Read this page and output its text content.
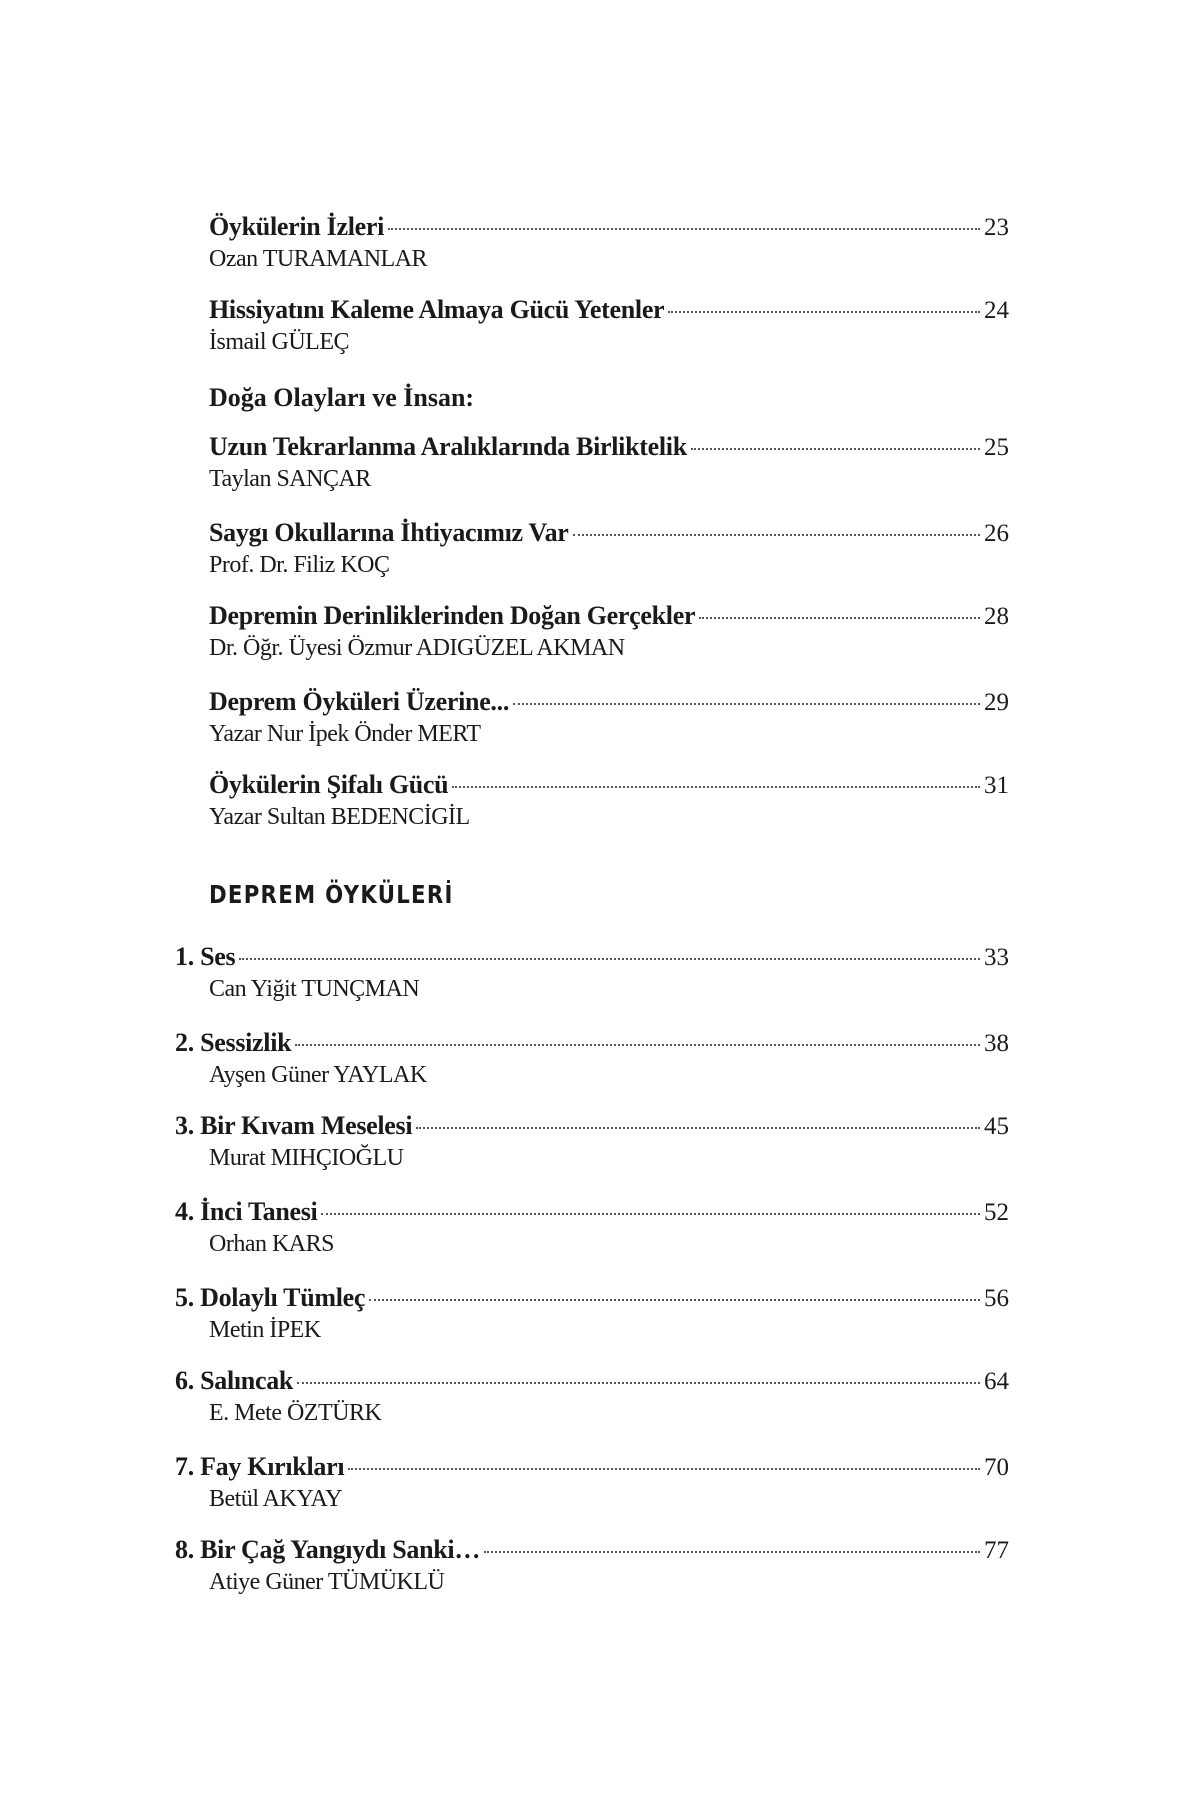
Öykülerin İzleri	23
Ozan TURAMANLAR
Hissiyatını Kaleme Almaya Gücü Yetenler	24
İsmail GÜLEÇ
Doğa Olayları ve İnsan:
Uzun Tekrarlanma Aralıklarında Birliktelik	25
Taylan SANÇAR
Saygı Okullarına İhtiyacımız Var	26
Prof. Dr. Filiz KOÇ
Depremin Derinliklerinden Doğan Gerçekler	28
Dr. Öğr. Üyesi Özmur ADIGÜZEL AKMAN
Deprem Öyküleri Üzerine...	29
Yazar Nur İpek Önder MERT
Öykülerin Şifalı Gücü	31
Yazar Sultan BEDENCİGİL
DEPREM ÖYKÜLERİ
1. Ses	33
Can Yiğit TUNÇMAN
2. Sessizlik	38
Ayşen Güner YAYLAK
3. Bir Kıvam Meselesi	45
Murat MIHÇIOĞLU
4. İnci Tanesi	52
Orhan KARS
5. Dolaylı Tümleç	56
Metin İPEK
6. Salıncak	64
E. Mete ÖZTÜRK
7. Fay Kırıkları	70
Betül AKYAY
8. Bir Çağ Yangıydı Sanki…	77
Atiye Güner TÜMÜKLÜ
